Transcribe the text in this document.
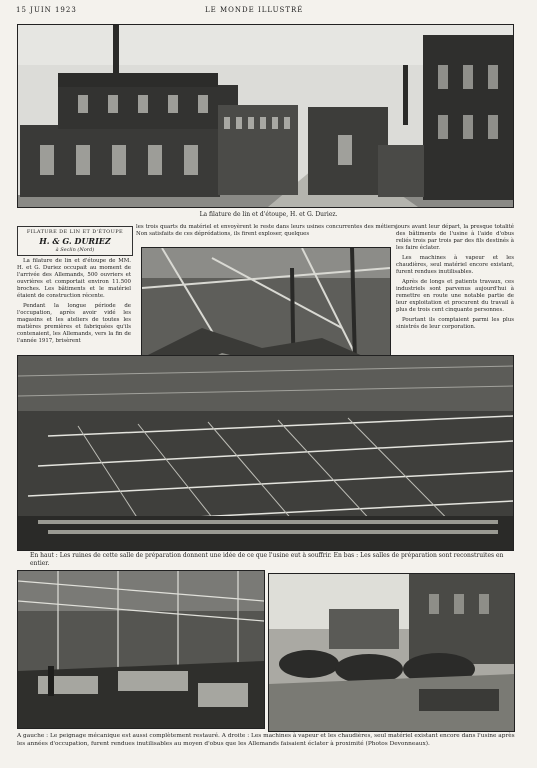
15 JUIN 1923	LE MONDE ILLUSTRÉ
La filature de lin et d'étoupe, H. et G. Duriez.
FILATURE DE LIN ET D'ÉTOUPE
H. & G. DURIEZ
à Seclin (Nord)

La filature de lin et d'étoupe de MM. H. et G. Duriez occupait au moment de l'arrivée des Allemands, 500 ouvriers et ouvrières et comportait environ 11.500 broches. Les bâtiments et le matériel étaient de construction récente.

Pendant la longue période de l'occupation, après avoir vidé les magasins et les ateliers de toutes les matières premières et fabriquées qu'ils contenaient, les Allemands, vers la fin de l'année 1917, brisèrent

les trois quarts du matériel et envoyèrent le reste dans leurs usines concurrentes des métiers. Non satisfaits de ces déprédations, ils firent exploser, quelques

jours avant leur départ, la presque totalité des bâtiments de l'usine à l'aide d'obus reliés trois par trois par des fils destinés à les faire éclater.

Les machines à vapeur et les chaudières, seul matériel encore existant, furent rendues inutilisables.

Après de longs et patients travaux, ces industriels sont parvenus aujourd'hui à remettre en route une notable partie de leur exploitation et procurent du travail à plus de trois cent cinquante personnes.

Pourtant ils comptaient parmi les plus sinistrés de leur corporation.

En haut : Les ruines de cette salle de préparation donnent une idée de ce que l'usine eut à souffrir. En bas : Les salles de préparation sont reconstruites en entier.
A gauche : Le peignage mécanique est aussi complètement restauré. A droite : Les machines à vapeur et les chaudières, seul matériel existant encore dans l'usine après les années d'occupation, furent rendues inutilisables au moyen d'obus que les Allemands faisaient éclater à proximité (Photos Devonneaux).
